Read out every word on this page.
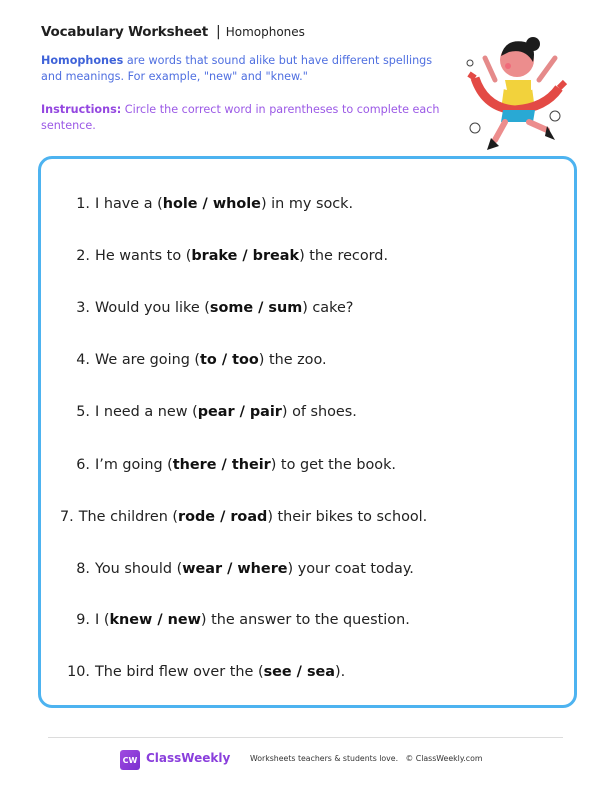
Vocabulary Worksheet | Homophones

Homophones are words that sound alike but have different spellings and meanings. For example, "new" and "knew."

Instructions: Circle the correct word in parentheses to complete each sentence.

1. I have a ( hole / whole ) in my sock.
2. He wants to ( brake / break ) the record.
3. Would you like ( some / sum ) cake?
4. We are going ( to / too ) the zoo.
5. I need a new ( pear / pair ) of shoes.
6. I’m going ( there / their ) to get the book.
7. The children ( rode / road ) their bikes to school.
8. You should ( wear / where ) your coat today.
9. I ( knew / new ) the answer to the question.
10. The bird flew over the ( see / sea ).
CW ClassWeekly	Worksheets teachers & students love.   © ClassWeekly.com
